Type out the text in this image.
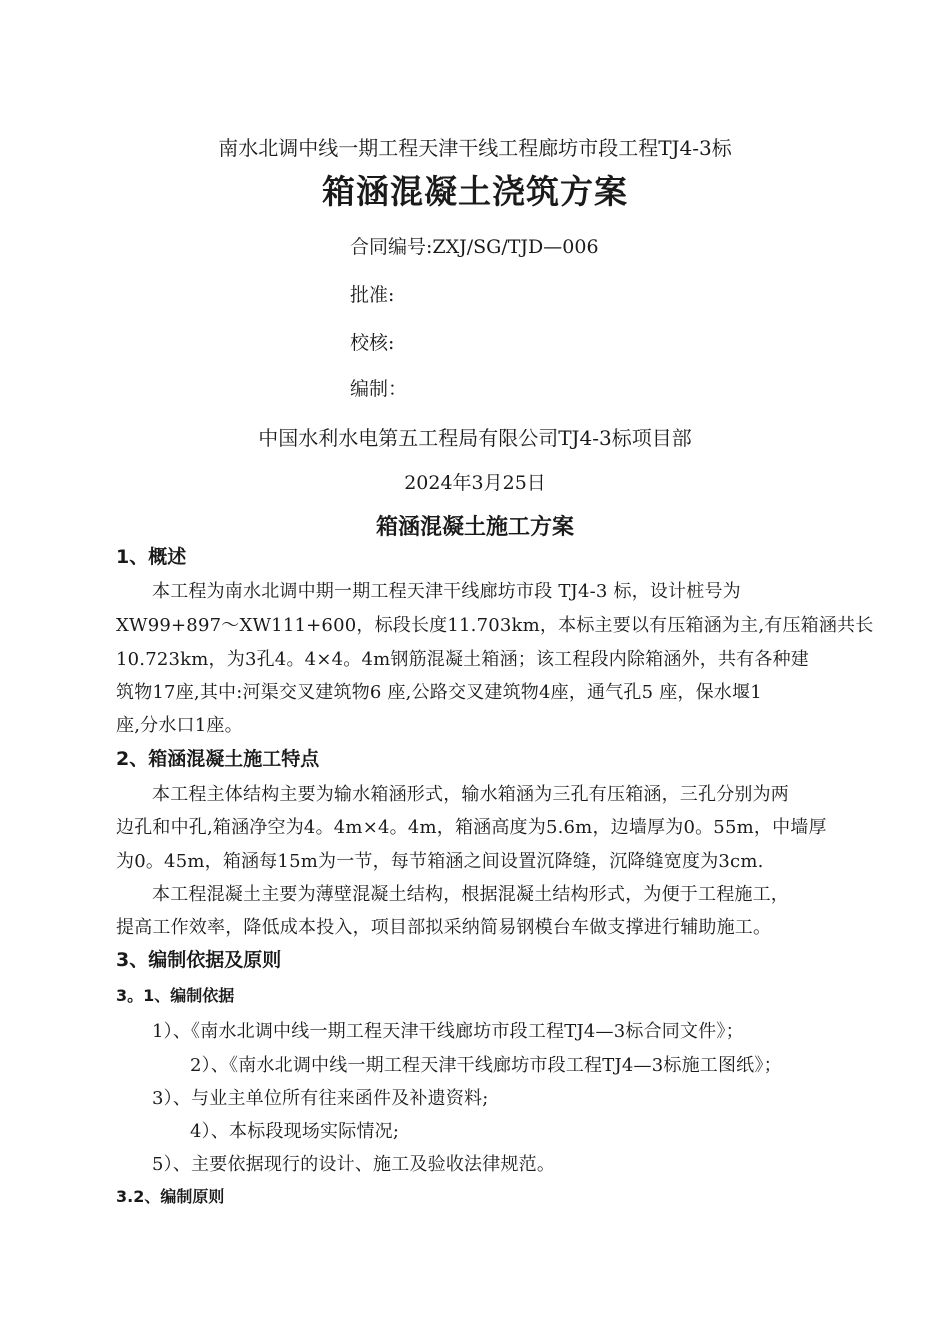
南水北调中线一期工程天津干线工程廊坊市段工程TJ4-3标
箱涵混凝土浇筑方案
合同编号:ZXJ/SG/TJD—006
批准:
校核:
编制：
中国水利水电第五工程局有限公司TJ4-3标项目部
2024年3月25日
箱涵混凝土施工方案
1、概述
本工程为南水北调中期一期工程天津干线廊坊市段 TJ4-3 标，设计桩号为
XW99+897～XW111+600，标段长度11.703km，本标主要以有压箱涵为主,有压箱涵共长
10.723km，为3孔4。4×4。4m钢筋混凝土箱涵；该工程段内除箱涵外，共有各种建
筑物17座,其中:河渠交叉建筑物6 座,公路交叉建筑物4座，通气孔5 座，保水堰1
座,分水口1座。
2、箱涵混凝土施工特点
本工程主体结构主要为输水箱涵形式，输水箱涵为三孔有压箱涵，三孔分别为两
边孔和中孔,箱涵净空为4。4m×4。4m，箱涵高度为5.6m，边墙厚为0。55m，中墙厚
为0。45m，箱涵每15m为一节，每节箱涵之间设置沉降缝，沉降缝宽度为3cm.
本工程混凝土主要为薄壁混凝土结构，根据混凝土结构形式，为便于工程施工，
提高工作效率，降低成本投入，项目部拟采纳简易钢模台车做支撑进行辅助施工。
3、编制依据及原则
3。1、编制依据
1）、《南水北调中线一期工程天津干线廊坊市段工程TJ4—3标合同文件》；
2）、《南水北调中线一期工程天津干线廊坊市段工程TJ4—3标施工图纸》；
3）、与业主单位所有往来函件及补遗资料;
4）、本标段现场实际情况;
5）、主要依据现行的设计、施工及验收法律规范。
3.2、编制原则
